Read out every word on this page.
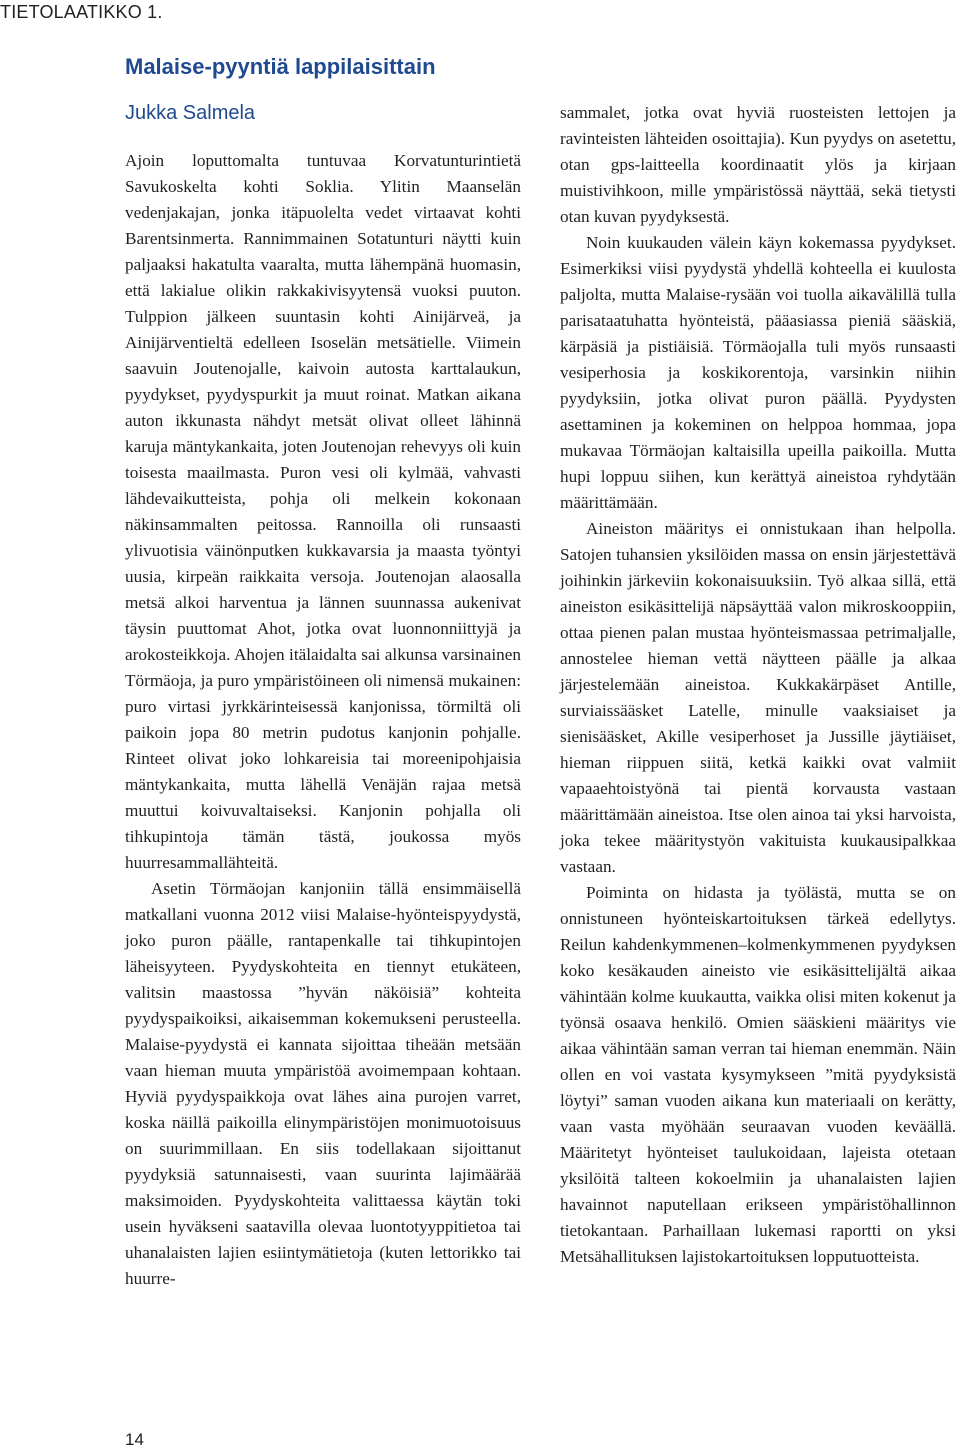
TIETOLAATIKKO 1.
Malaise-pyyntiä lappilaisittain
Jukka Salmela

Ajoin loputtomalta tuntuvaa Korvatunturintietä Savukoskelta kohti Soklia. Ylitin Maanselän vedenjakajan, jonka itäpuolelta vedet virtaavat kohti Barentsinmerta. Rannimmainen Sotatunturi näytti kuin paljaaksi hakatulta vaaralta, mutta lähempänä huomasin, että lakialue olikin rakkakivisyytensä vuoksi puuton. Tulppion jälkeen suuntasin kohti Ainijärveä, ja Ainijärventieltä edelleen Isoselän metsätielle. Viimein saavuin Joutenojalle, kaivoin autosta karttalaukun, pyydykset, pyydyspurkit ja muut roinat. Matkan aikana auton ikkunasta nähdyt metsät olivat olleet lähinnä karuja mäntykankaita, joten Joutenojan rehevyys oli kuin toisesta maailmasta. Puron vesi oli kylmää, vahvasti lähdevaikutteista, pohja oli melkein kokonaan näkinsammalten peitossa. Rannoilla oli runsaasti ylivuotisia väinönputken kukkavarsia ja maasta työntyi uusia, kirpeän raikkaita versoja. Joutenojan alaosalla metsä alkoi harventua ja lännen suunnassa aukenivat täysin puuttomat Ahot, jotka ovat luonnonniittyjä ja arokosteikkoja. Ahojen itälaidalta sai alkunsa varsinainen Törmäoja, ja puro ympäristöineen oli nimensä mukainen: puro virtasi jyrkkärinteisessä kanjonissa, törmiltä oli paikoin jopa 80 metrin pudotus kanjonin pohjalle. Rinteet olivat joko lohkareisia tai moreenipohjaisia mäntykankaita, mutta lähellä Venäjän rajaa metsä muuttui koivuvaltaiseksi. Kanjonin pohjalla oli tihkupintoja tämän tästä, joukossa myös huurresammallähteitä.

Asetin Törmäojan kanjoniin tällä ensimmäisellä matkallani vuonna 2012 viisi Malaise-hyönteispyydystä, joko puron päälle, rantapenkalle tai tihkupintojen läheisyyteen. Pyydyskohteita en tiennyt etukäteen, valitsin maastossa ”hyvän näköisiä” kohteita pyydyspaikoiksi, aikaisemman kokemukseni perusteella. Malaise-pyydystä ei kannata sijoittaa tiheään metsään vaan hieman muuta ympäristöä avoimempaan kohtaan. Hyviä pyydyspaikkoja ovat lähes aina purojen varret, koska näillä paikoilla elinympäristöjen monimuotoisuus on suurimmillaan. En siis todellakaan sijoittanut pyydyksiä satunnaisesti, vaan suurinta lajimäärää maksimoiden. Pyydyskohteita valittaessa käytän toki usein hyväkseni saatavilla olevaa luontotyyppitietoa tai uhanalaisten lajien esiintymätietoja (kuten lettorikko tai huurre-

sammalet, jotka ovat hyviä ruosteisten lettojen ja ravinteisten lähteiden osoittajia). Kun pyydys on asetettu, otan gps-laitteella koordinaatit ylös ja kirjaan muistivihkoon, mille ympäristössä näyttää, sekä tietysti otan kuvan pyydyksestä.

Noin kuukauden välein käyn kokemassa pyydykset. Esimerkiksi viisi pyydystä yhdellä kohteella ei kuulosta paljolta, mutta Malaise-rysään voi tuolla aikavälillä tulla parisataatuhatta hyönteistä, pääasiassa pieniä sääskiä, kärpäsiä ja pistiäisiä. Törmäojalla tuli myös runsaasti vesiperhosia ja koskikorentoja, varsinkin niihin pyydyksiin, jotka olivat puron päällä. Pyydysten asettaminen ja kokeminen on helppoa hommaa, jopa mukavaa Törmäojan kaltaisilla upeilla paikoilla. Mutta hupi loppuu siihen, kun kerättyä aineistoa ryhdytään määrittämään.

Aineiston määritys ei onnistukaan ihan helpolla. Satojen tuhansien yksilöiden massa on ensin järjestettävä joihinkin järkeviin kokonaisuuksiin. Työ alkaa sillä, että aineiston esikäsittelijä näpsäyttää valon mikroskooppiin, ottaa pienen palan mustaa hyönteismassaa petrimaljalle, annostelee hieman vettä näytteen päälle ja alkaa järjestelemään aineistoa. Kukkakärpäset Antille, surviaissääsket Latelle, minulle vaaksiaiset ja sienisääsket, Akille vesiperhoset ja Jussille jäytiäiset, hieman riippuen siitä, ketkä kaikki ovat valmiit vapaaehtoistyönä tai pientä korvausta vastaan määrittämään aineistoa. Itse olen ainoa tai yksi harvoista, joka tekee määritystyön vakituista kuukausipalkkaa vastaan.

Poiminta on hidasta ja työlästä, mutta se on onnistuneen hyönteiskartoituksen tärkeä edellytys. Reilun kahdenkymmenen–kolmenkymmenen pyydyksen koko kesäkauden aineisto vie esikäsittelijältä aikaa vähintään kolme kuukautta, vaikka olisi miten kokenut ja työnsä osaava henkilö. Omien sääskieni määritys vie aikaa vähintään saman verran tai hieman enemmän. Näin ollen en voi vastata kysymykseen ”mitä pyydyksistä löytyi” saman vuoden aikana kun materiaali on kerätty, vaan vasta myöhään seuraavan vuoden keväällä. Määritetyt hyönteiset taulukoidaan, lajeista otetaan yksilöitä talteen kokoelmiin ja uhanalaisten lajien havainnot naputellaan erikseen ympäristöhallinnon tietokantaan. Parhaillaan lukemasi raportti on yksi Metsähallituksen lajistokartoituksen lopputuotteista.

14
